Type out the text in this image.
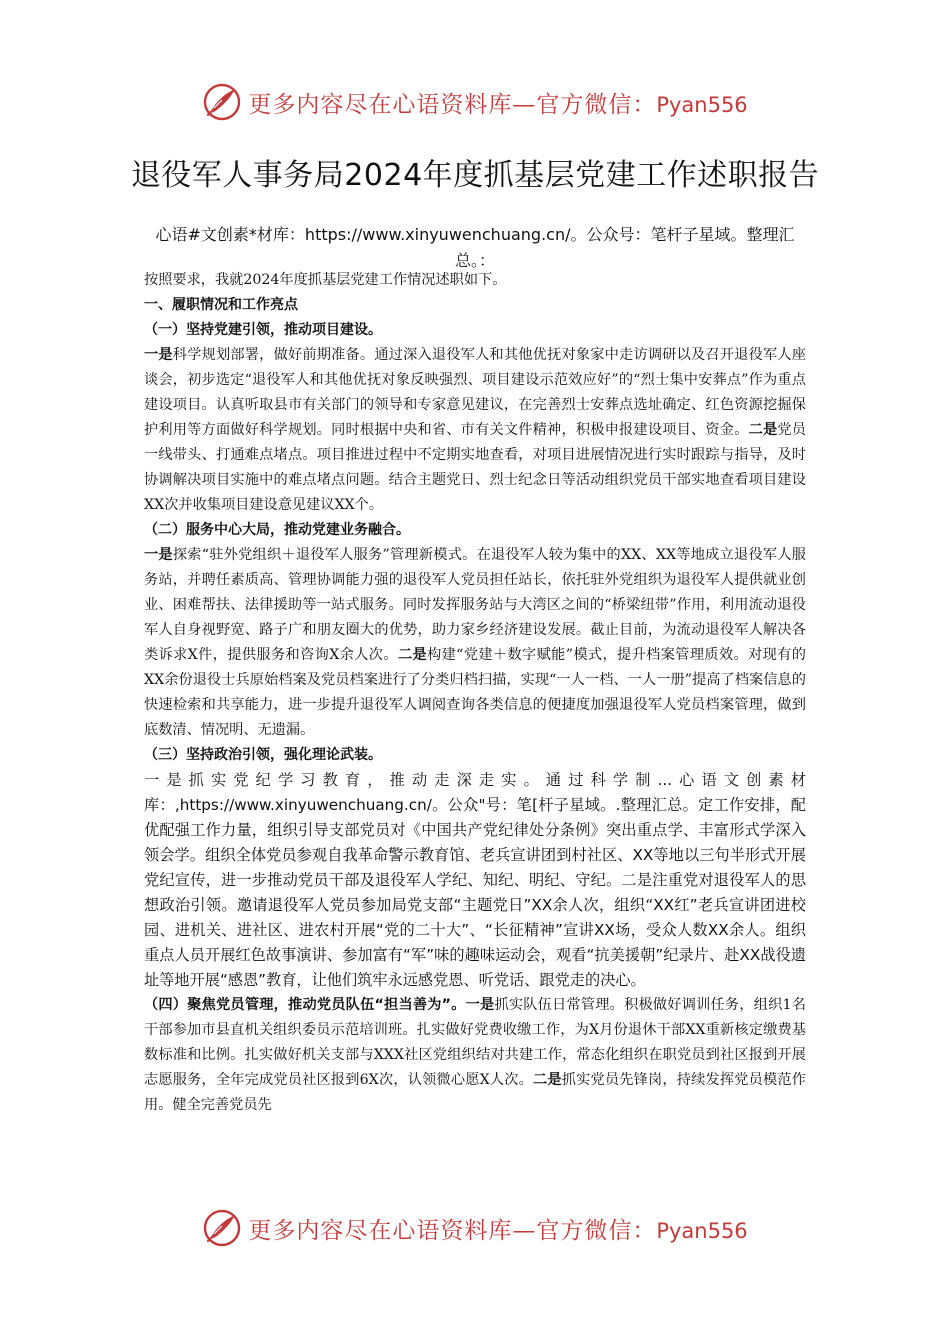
更多内容尽在心语资料库—官方微信：Pyan556
退役军人事务局2024年度抓基层党建工作述职报告
心语#文创素*材库：https://www.xinyuwenchuang.cn/。公众号：笔杆子星域。整理汇总。：

按照要求，我就2024年度抓基层党建工作情况述职如下。

一、履职情况和工作亮点

（一）坚持党建引领，推动项目建设。

一是科学规划部署，做好前期准备。通过深入退役军人和其他优抚对象家中走访调研以及召开退役军人座谈会，初步选定“退役军人和其他优抚对象反映强烈、项目建设示范效应好”的“烈士集中安葬点”作为重点建设项目。认真听取县市有关部门的领导和专家意见建议，在完善烈士安葬点选址确定、红色资源挖掘保护利用等方面做好科学规划。同时根据中央和省、市有关文件精神，积极申报建设项目、资金。二是党员一线带头、打通难点堵点。项目推进过程中不定期实地查看，对项目进展情况进行实时跟踪与指导，及时协调解决项目实施中的难点堵点问题。结合主题党日、烈士纪念日等活动组织党员干部实地查看项目建设XX次并收集项目建设意见建议XX个。

（二）服务中心大局，推动党建业务融合。

一是探索“驻外党组织＋退役军人服务”管理新模式。在退役军人较为集中的XX、XX等地成立退役军人服务站，并聘任素质高、管理协调能力强的退役军人党员担任站长，依托驻外党组织为退役军人提供就业创业、困难帮扶、法律援助等一站式服务。同时发挥服务站与大湾区之间的“桥梁纽带”作用，利用流动退役军人自身视野宽、路子广和朋友圈大的优势，助力家乡经济建设发展。截止目前，为流动退役军人解决各类诉求X件，提供服务和咨询X余人次。二是构建“党建＋数字赋能”模式，提升档案管理质效。对现有的XX余份退役士兵原始档案及党员档案进行了分类归档扫描，实现“一人一档、一人一册”提高了档案信息的快速检索和共享能力，进一步提升退役军人调阅查询各类信息的便捷度加强退役军人党员档案管理，做到底数清、情况明、无遗漏。

（三）坚持政治引领，强化理论武装。

一是抓实党纪学习教育，推动走深走实。通过科学制...心语文创素材库：,https://www.xinyuwenchuang.cn/。公众"号：笔[杆子星域。.整理汇总。定工作安排，配优配强工作力量，组织引导支部党员对《中国共产党纪律处分条例》突出重点学、丰富形式学深入领会学。组织全体党员参观自我革命警示教育馆、老兵宣讲团到村社区、XX等地以三句半形式开展党纪宣传，进一步推动党员干部及退役军人学纪、知纪、明纪、守纪。二是注重党对退役军人的思想政治引领。邀请退役军人党员参加局党支部“主题党日”XX余人次，组织“XX红”老兵宣讲团进校园、进机关、进社区、进农村开展“党的二十大”、“长征精神”宣讲XX场，受众人数XX余人。组织重点人员开展红色故事演讲、参加富有“军”味的趣味运动会，观看“抗美援朝”纪录片、赴XX战役遗址等地开展“感恩”教育，让他们筑牢永远感党恩、听党话、跟党走的决心。

（四）聚焦党员管理，推动党员队伍“担当善为”。一是抓实队伍日常管理。积极做好调训任务，组织1名干部参加市县直机关组织委员示范培训班。扎实做好党费收缴工作，为X月份退休干部XX重新核定缴费基数标准和比例。扎实做好机关支部与XXX社区党组织结对共建工作，常态化组织在职党员到社区报到开展志愿服务，全年完成党员社区报到6X次，认领微心愿X人次。二是抓实党员先锋岗，持续发挥党员模范作用。健全完善党员先

更多内容尽在心语资料库—官方微信：Pyan556
